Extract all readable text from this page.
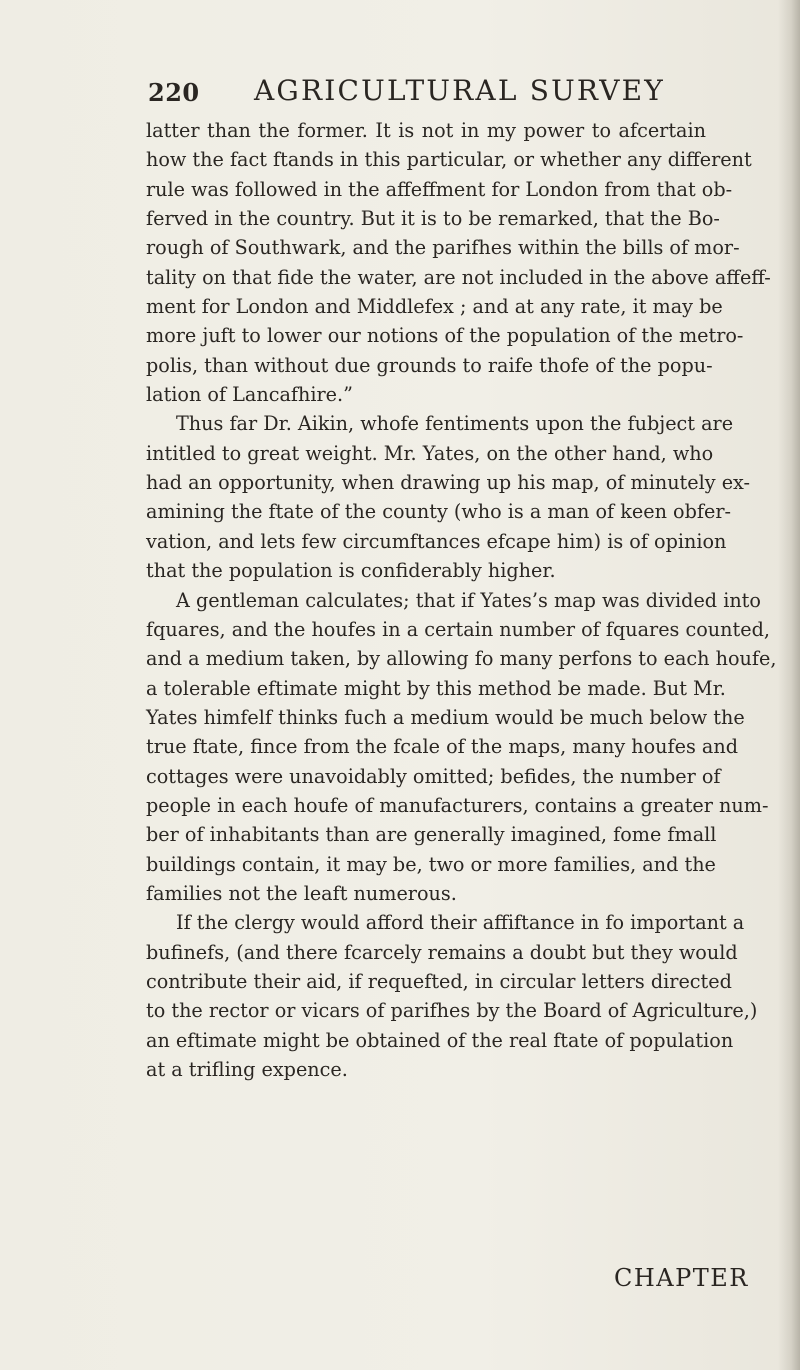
220 AGRICULTURAL SURVEY
latter than the former. It is not in my power to afcertain
how the fact ftands in this particular, or whether any different
rule was followed in the affeffment for London from that ob-
ferved in the country. But it is to be remarked, that the Bo-
rough of Southwark, and the parifhes within the bills of mor-
tality on that fide the water, are not included in the above affeff-
ment for London and Middlefex ; and at any rate, it may be
more juft to lower our notions of the population of the metro-
polis, than without due grounds to raife thofe of the popu-
lation of Lancafhire.”
Thus far Dr. Aikin, whofe fentiments upon the fubject are
intitled to great weight. Mr. Yates, on the other hand, who
had an opportunity, when drawing up his map, of minutely ex-
amining the ftate of the county (who is a man of keen obfer-
vation, and lets few circumftances efcape him) is of opinion
that the population is confiderably higher.
A gentleman calculates; that if Yates’s map was divided into
fquares, and the houfes in a certain number of fquares counted,
and a medium taken, by allowing fo many perfons to each houfe,
a tolerable eftimate might by this method be made. But Mr.
Yates himfelf thinks fuch a medium would be much below the
true ftate, fince from the fcale of the maps, many houfes and
cottages were unavoidably omitted; befides, the number of
people in each houfe of manufacturers, contains a greater num-
ber of inhabitants than are generally imagined, fome fmall
buildings contain, it may be, two or more families, and the
families not the leaft numerous.
If the clergy would afford their affiftance in fo important a
bufinefs, (and there fcarcely remains a doubt but they would
contribute their aid, if requefted, in circular letters directed
to the rector or vicars of parifhes by the Board of Agriculture,)
an eftimate might be obtained of the real ftate of population
at a trifling expence.
CHAPTER
